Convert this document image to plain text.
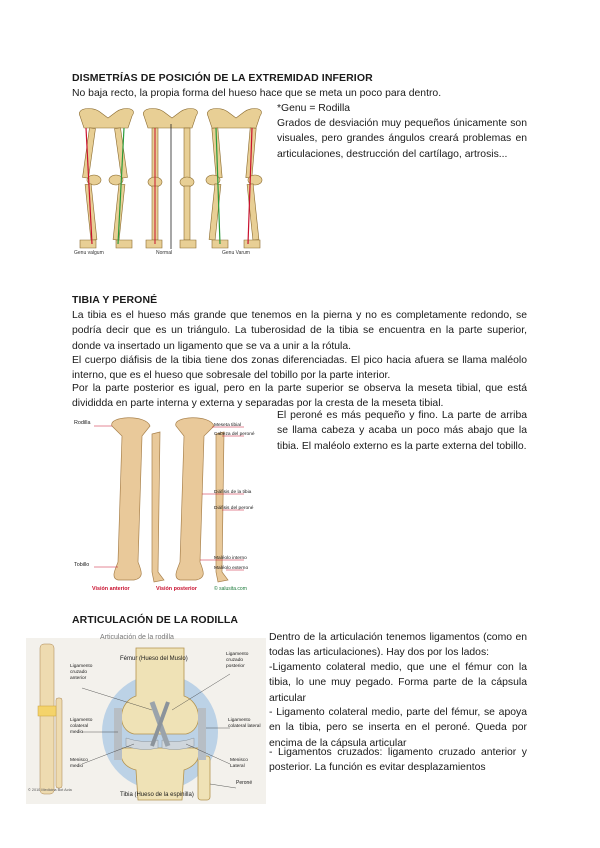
DISMETRÍAS DE POSICIÓN DE LA EXTREMIDAD INFERIOR
No baja recto, la propia forma del hueso hace que se meta un poco para dentro.
Genu valgum	Normal	Genu Varum
*Genu = Rodilla
Grados de desviación muy pequeños únicamente son visuales, pero grandes ángulos creará problemas en articulaciones, destrucción del cartílago, artrosis...
TIBIA Y PERONÉ
La tibia es el hueso más grande que tenemos en la pierna y no es completamente redondo, se podría decir que es un triángulo. La tuberosidad de la tibia se encuentra en la parte superior, donde va insertado un ligamento que se va a unir a la rótula.
El cuerpo diáfisis de la tibia tiene dos zonas diferenciadas. El pico hacia afuera se llama maléolo interno, que es el hueso que sobresale del tobillo por la parte interior.
Por la parte posterior es igual, pero en la parte superior se observa la meseta tibial, que está divididda en parte interna y externa y separadas por la cresta de la meseta tibial.
Rodilla
Tobillo
Meseta tibial
Cabeza del peroné
Diáfisis de la tibia
Diáfisis del peroné
Maléolo interno
Maléolo externo
Visión anterior	Visión posterior	© salusita.com
El peroné es más pequeño y fino. La parte de arriba se llama cabeza y acaba un poco más abajo que la tibia. El maléolo externo es la parte externa del tobillo.
ARTICULACIÓN DE LA RODILLA
Articulación de la rodilla
Fémur (Hueso del Muslo)
Ligamento cruzado anterior
Ligamento cruzado posterior
Ligamento colateral medio
Ligamento colateral lateral
Menisco medio
Menisco Lateral
Peroné
Tibia (Hueso de la espinilla)
© 2010 Medicina Bot Acta
Dentro de la articulación tenemos ligamentos (como en todas las articulaciones). Hay dos por los lados:
-Ligamento colateral medio, que une el fémur con la tibia, lo une muy pegado. Forma parte de la cápsula articular
- Ligamento colateral medio, parte del fémur, se apoya en la tibia, pero se inserta en el peroné. Queda por encima de la cápsula articular
- Ligamentos cruzados: ligamento cruzado anterior y posterior. La función es evitar desplazamientos
